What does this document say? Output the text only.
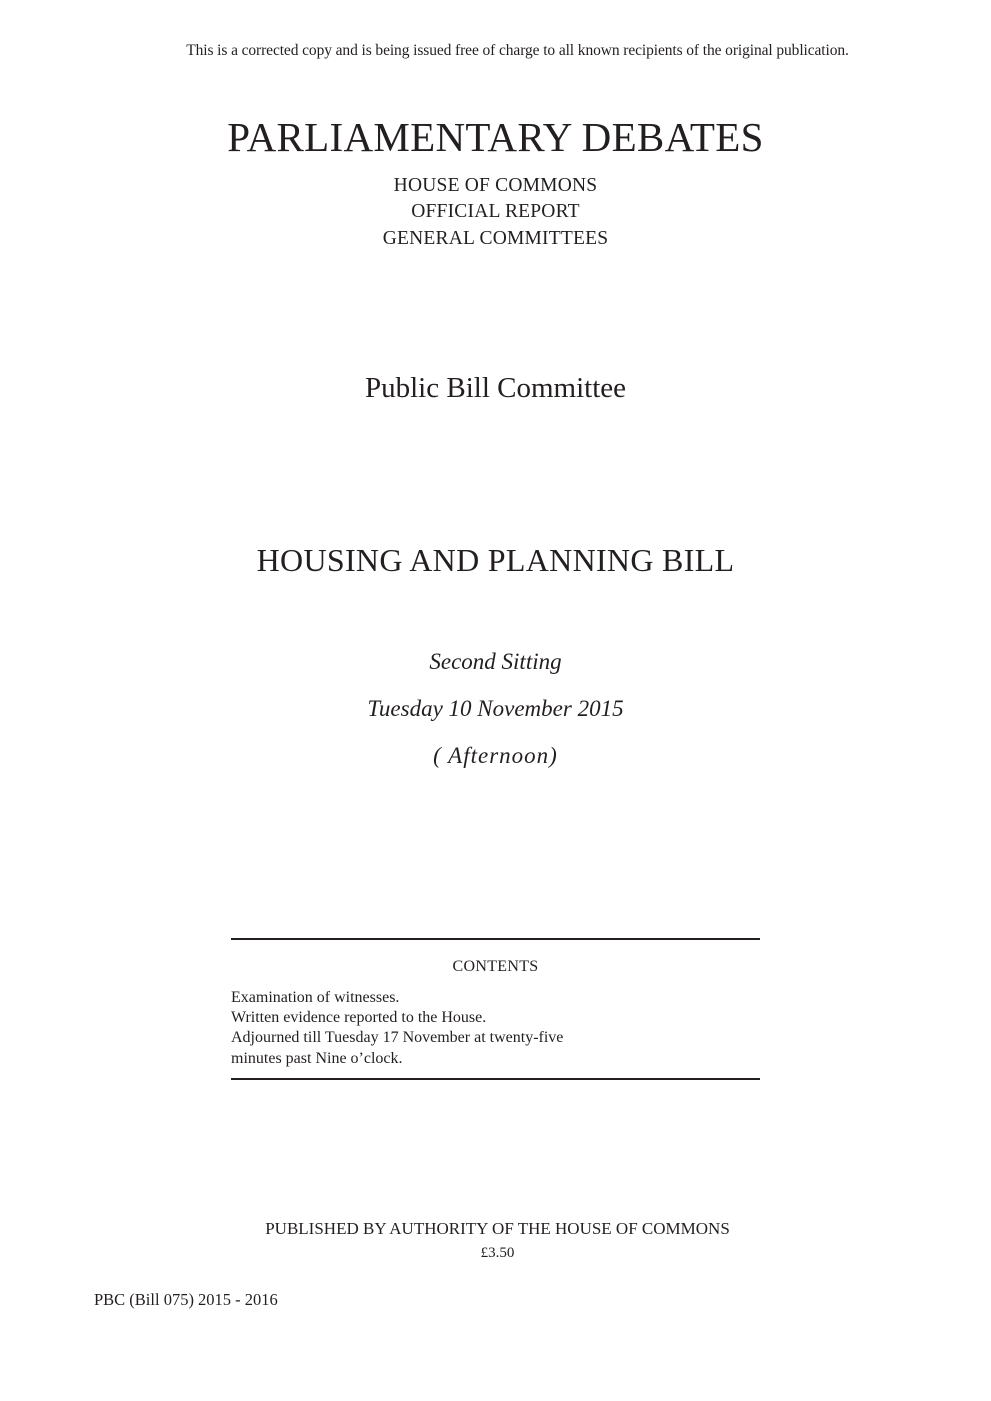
This is a corrected copy and is being issued free of charge to all known recipients of the original publication.
PARLIAMENTARY DEBATES
HOUSE OF COMMONS
OFFICIAL REPORT
GENERAL COMMITTEES
Public Bill Committee
HOUSING AND PLANNING BILL
Second Sitting
Tuesday 10 November 2015
( Afternoon)
CONTENTS
Examination of witnesses.
Written evidence reported to the House.
Adjourned till Tuesday 17 November at twenty-five
minutes past Nine o’clock.
PUBLISHED BY AUTHORITY OF THE HOUSE OF COMMONS
£3.50
PBC (Bill 075) 2015 - 2016
